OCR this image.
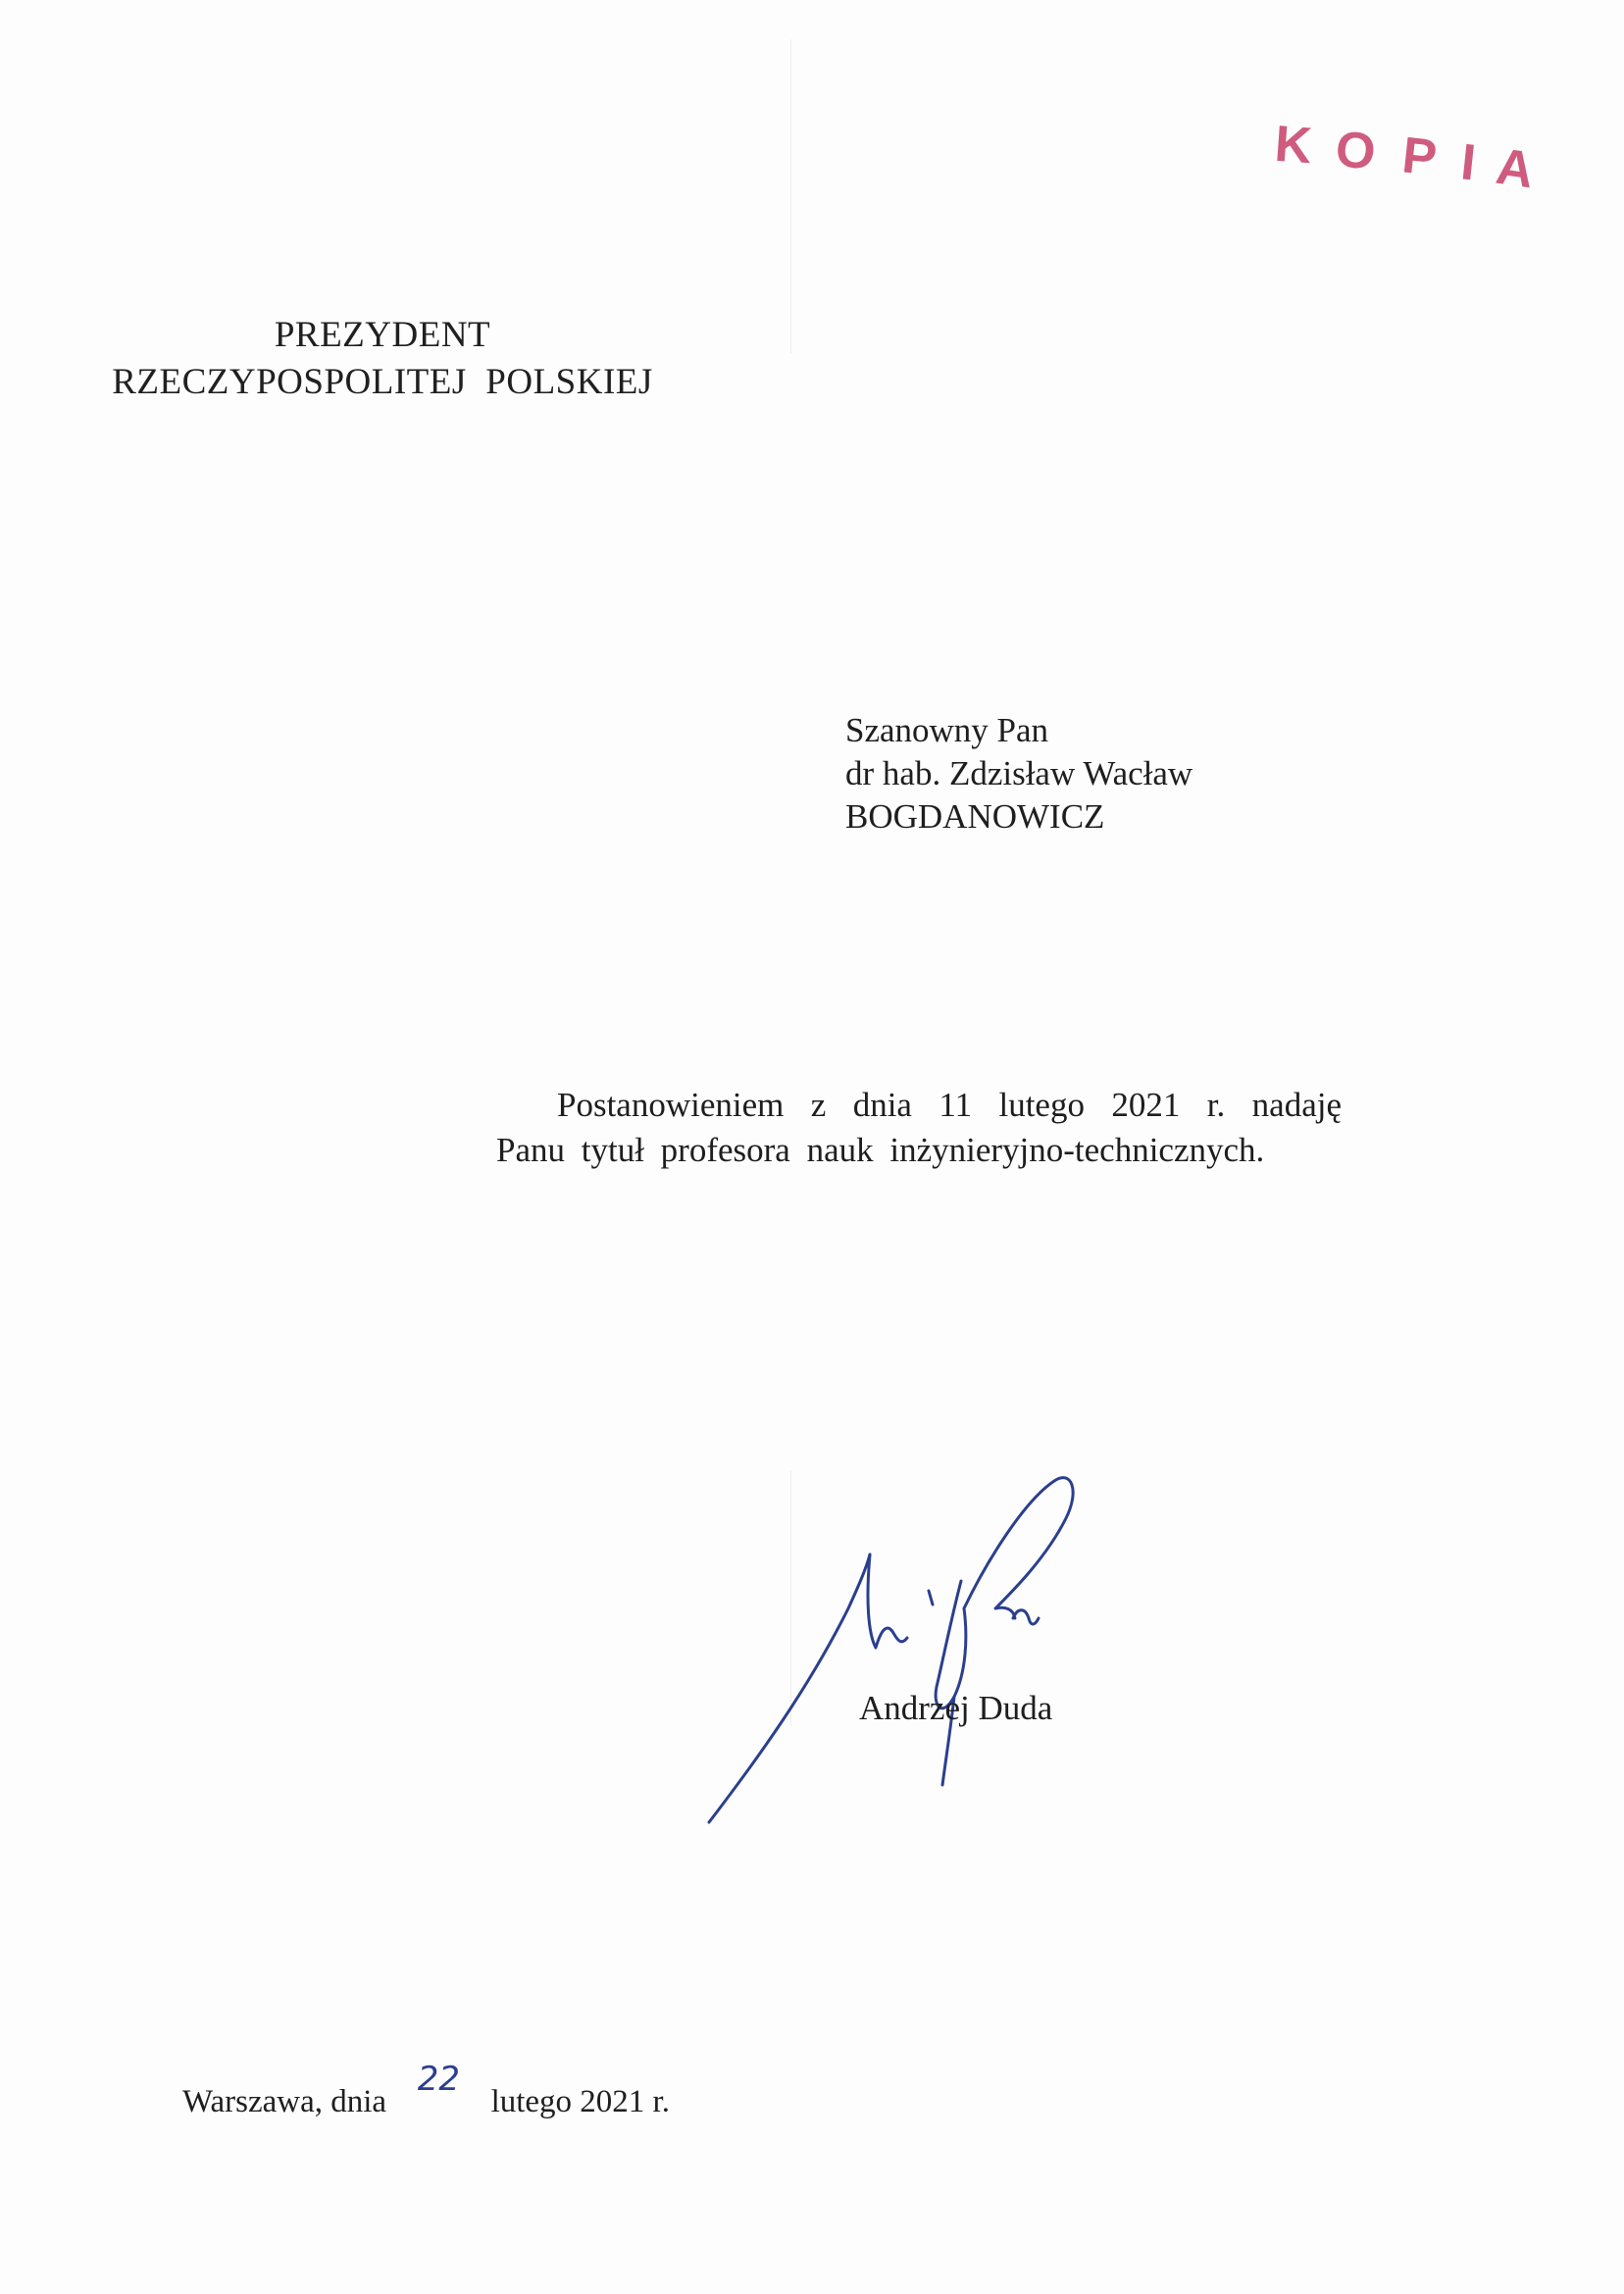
K O P I A
PREZYDENT
RZECZYPOSPOLITEJ  POLSKIEJ
Szanowny Pan
dr hab. Zdzisław Wacław
BOGDANOWICZ
Postanowieniem z dnia 11 lutego 2021 r. nadaję Panu tytuł profesora nauk inżynieryjno-technicznych.
Andrzej Duda
Warszawa, dnia 22 lutego 2021 r.
